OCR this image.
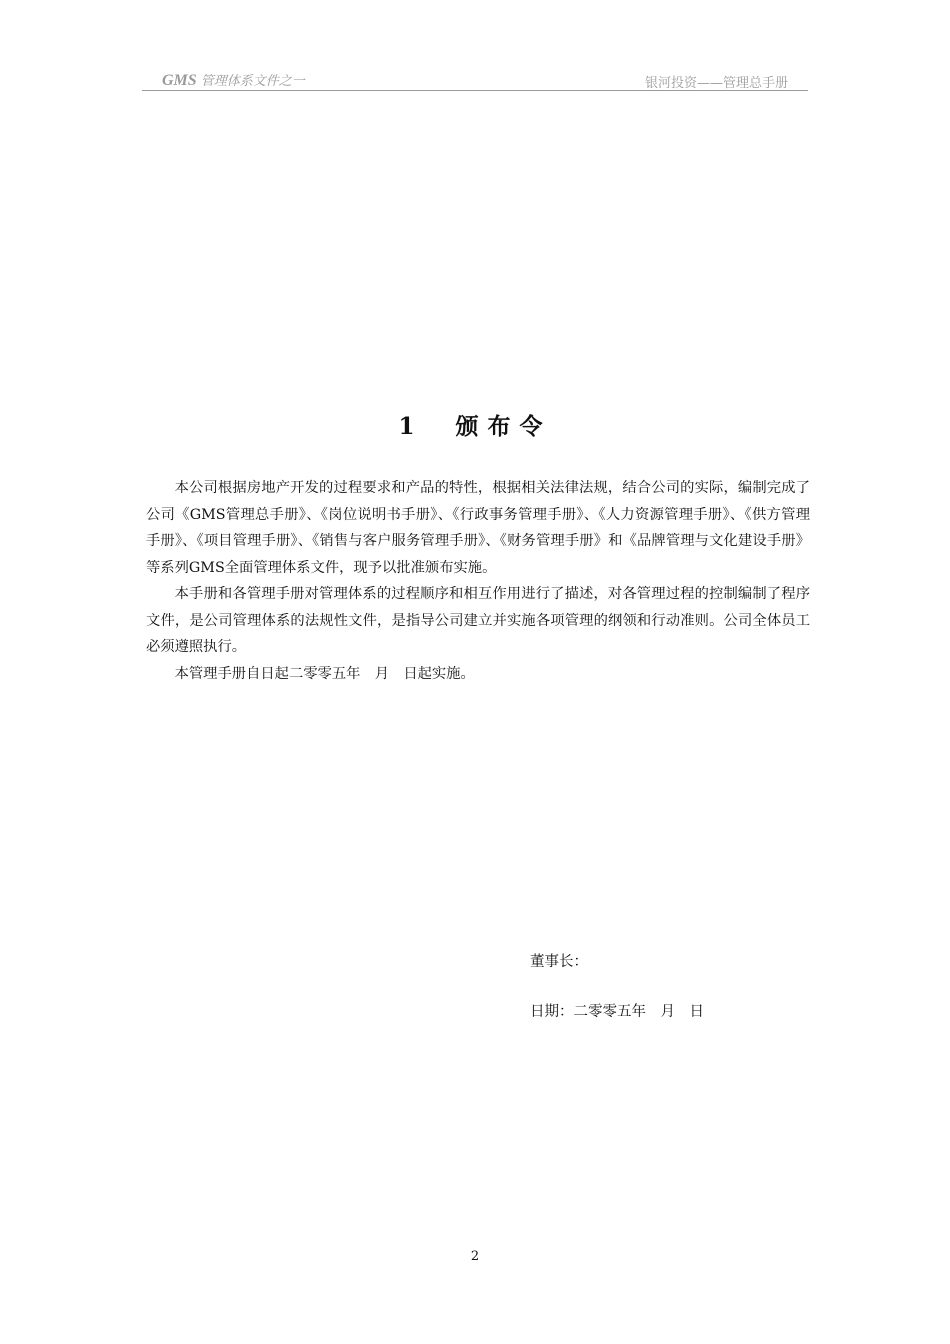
GMS 管理体系文件之一	银河投资——管理总手册
1　颁布令

本公司根据房地产开发的过程要求和产品的特性，根据相关法律法规，结合公司的实际，编制完成了公司《GMS管理总手册》、《岗位说明书手册》、《行政事务管理手册》、《人力资源管理手册》、《供方管理手册》、《项目管理手册》、《销售与客户服务管理手册》、《财务管理手册》和《品牌管理与文化建设手册》等系列GMS全面管理体系文件，现予以批准颁布实施。

本手册和各管理手册对管理体系的过程顺序和相互作用进行了描述，对各管理过程的控制编制了程序文件，是公司管理体系的法规性文件，是指导公司建立并实施各项管理的纲领和行动准则。公司全体员工必须遵照执行。

本管理手册自日起二零零五年　月　日起实施。

董事长：
日期：二零零五年　月　日
2
